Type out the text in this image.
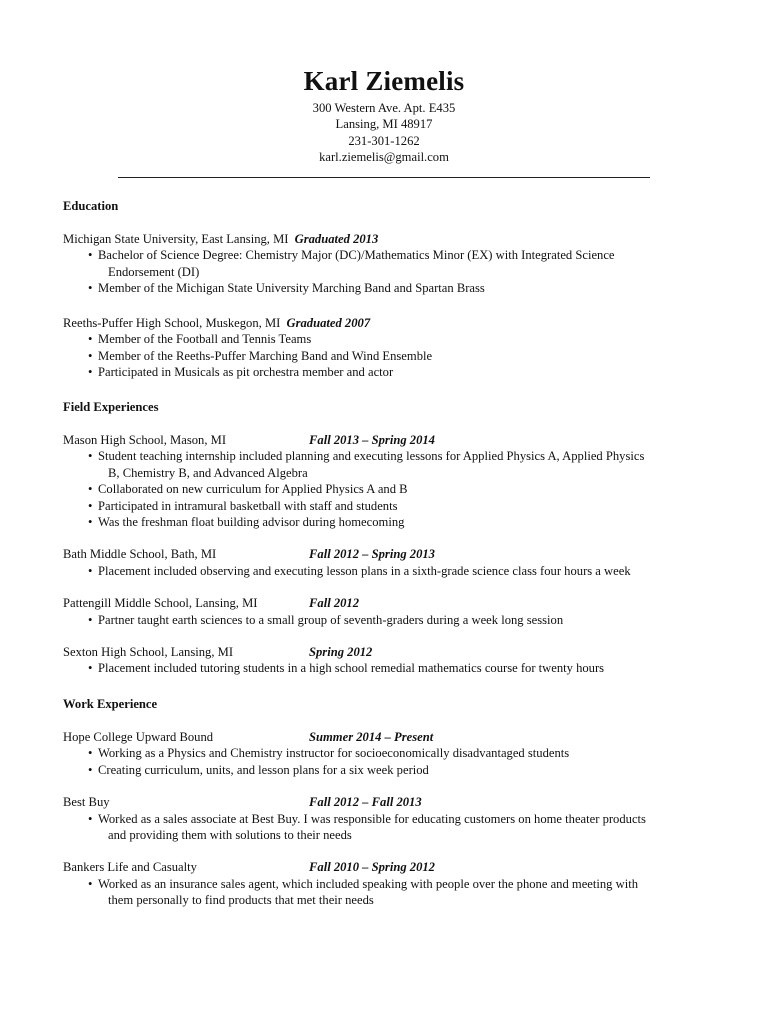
Karl Ziemelis
300 Western Ave. Apt. E435
Lansing, MI 48917
231-301-1262
karl.ziemelis@gmail.com
Education
Michigan State University, East Lansing, MI Graduated 2013
• Bachelor of Science Degree: Chemistry Major (DC)/Mathematics Minor (EX) with Integrated Science
Endorsement (DI)
• Member of the Michigan State University Marching Band and Spartan Brass
Reeths-Puffer High School, Muskegon, MI Graduated 2007
• Member of the Football and Tennis Teams
• Member of the Reeths-Puffer Marching Band and Wind Ensemble
• Participated in Musicals as pit orchestra member and actor
Field Experiences
Mason High School, Mason, MI	Fall 2013 – Spring 2014
• Student teaching internship included planning and executing lessons for Applied Physics A, Applied Physics
B, Chemistry B, and Advanced Algebra
• Collaborated on new curriculum for Applied Physics A and B
• Participated in intramural basketball with staff and students
• Was the freshman float building advisor during homecoming
Bath Middle School, Bath, MI	Fall 2012 – Spring 2013
• Placement included observing and executing lesson plans in a sixth-grade science class four hours a week
Pattengill Middle School, Lansing, MI	Fall 2012
• Partner taught earth sciences to a small group of seventh-graders during a week long session
Sexton High School, Lansing, MI	Spring 2012
• Placement included tutoring students in a high school remedial mathematics course for twenty hours
Work Experience
Hope College Upward Bound	Summer 2014 – Present
• Working as a Physics and Chemistry instructor for socioeconomically disadvantaged students
• Creating curriculum, units, and lesson plans for a six week period
Best Buy	Fall 2012 – Fall 2013
• Worked as a sales associate at Best Buy. I was responsible for educating customers on home theater products
and providing them with solutions to their needs
Bankers Life and Casualty	Fall 2010 – Spring 2012
• Worked as an insurance sales agent, which included speaking with people over the phone and meeting with
them personally to find products that met their needs
